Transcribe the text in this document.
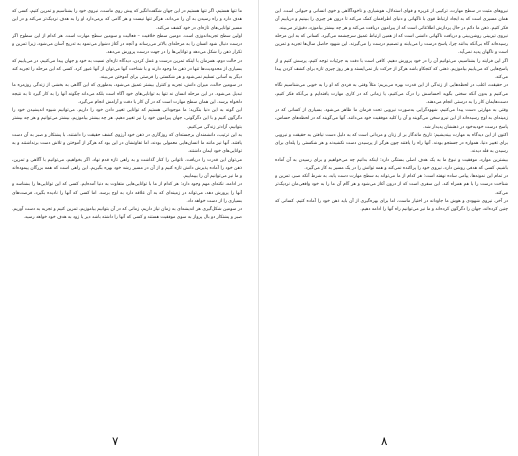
ما تنها هستیم، اگر تنها هستیم در این جهان شگفت‌انگیز که پیش روی ماست، نیروی خود را بشناسیم و تمرین کنیم، کسی که هدف دارد و راه رسیدن به آن را می‌داند، هرگز تنها نیست و هر گامی که برمی‌دارد او را به هدف نزدیک‌تر می‌کند و در این مسیر توانایی‌های تازه‌ای در خود کشف می‌کند.

اولین سطح تجربه‌اندوزی است. دومین سطح خلاقیت – فعالیت و سومین سطح مهارت است. هر کدام از این سطوح اگر درست دنبال شود انسان را به مرحله‌ای بالاتر می‌رساند و آنچه در آغاز دشوار می‌نمود به تدریج آسان می‌شود، زیرا تمرین و تکرار ذهن را شکل می‌دهد و توانایی‌ها را در جهت درست پرورش می‌دهد.

در حالت دوم، همزمان با اینکه تمرین درست و عمل کردن، دیدگاه تازه‌ای نسبت به خود و جهان پیدا می‌کنیم، در می‌یابیم که بسیاری از محدودیت‌ها تنها در ذهن ما وجود دارند و با شناخت آنها می‌توان از آنها عبور کرد. کسی که این مرحله را تجربه کند دیگر به آسانی تسلیم نمی‌شود و هر شکستی را فرصتی برای آموختن می‌بیند.

در سومین حالت، میزان دانش، تجربه و کنترل بیشتر عمیق می‌شود، به‌طوری که این آگاهی به بخشی از زندگی روزمره ما تبدیل می‌شود. در این مرحله انسان نه تنها به توانایی‌های خود آگاه است بلکه می‌داند چگونه آنها را به کار گیرد تا به نتیجه دلخواه برسد. این همان سطح مهارت است که در آن کار با دقت و آرامش انجام می‌گیرد.

این گونه به این دنیا بنگرید: ما موجوداتی هستیم که توانایی تغییر دادن خود را داریم. می‌توانیم شیوه اندیشیدن خود را دگرگون کنیم و با این دگرگونی، جهان پیرامون خود را نیز تغییر دهیم. هر چه بیشتر بیاموزیم، بیشتر می‌توانیم و هر چه بیشتر بتوانیم، آزادتر زندگی می‌کنیم.

به این ترتیب، دانشمندان برجسته‌ای که روزگاری در ذهن خود آرزوی کشف حقیقت را داشتند، با پشتکار و صبر به آن دست یافتند. آنها نیز مانند ما انسان‌هایی معمولی بودند، اما تفاوتشان در این بود که هرگز از آموختن و تلاش دست برنداشتند و به توانایی‌های خود ایمان داشتند.

می‌توان این قدرت را دریافت، ناتوانی را کنار گذاشت و به راهی تازه قدم نهاد. اگر بخواهیم، می‌توانیم با آگاهی و تمرین، ذهن خود را آماده پذیرش دانش تازه کنیم و از آن در مسیر رشد خود بهره بگیریم. این راهی است که همه بزرگان پیموده‌اند و ما نیز می‌توانیم آن را بپیماییم.

در ادامه، نکته‌ای مهم وجود دارد: هر کدام از ما با توانایی‌هایی متفاوت به دنیا آمده‌ایم. کسی که این توانایی‌ها را بشناسد و آنها را پرورش دهد، می‌تواند در زمینه‌ای که به آن علاقه دارد به اوج برسد. اما کسی که آنها را نادیده بگیرد، فرصت‌های بسیاری را از دست خواهد داد.

در سومین شکل‌گیری هر اندیشه‌ای به زمان نیاز داریم، زمانی که در آن بتوانیم بیاموزیم، تمرین کنیم و تجربه به دست آوریم. صبر و پشتکار دو بال پرواز به سوی موفقیت هستند و کسی که آنها را داشته باشد دیر یا زود به هدف خود خواهد رسید.

۷

نیروهای مثبت در سطح مهارت، ترکیبی از غریزه و قوای استدلال، هوشیاری و ناخودآگاهی و خوی انسانی و حیوانی است. این همان مسیری است که به ایجاد ارتباط قوی با ناگهانی و دنیای اطرافمان کمک می‌کند تا درون هر چیزی را ببینیم و دریابیم آن فکر کنیم. ذهن ما دائم در حال پردازش اطلاعاتی است که از پیرامون دریافت می‌کند و هر چه بیشتر بیاموزد، دقیق‌تر می‌بیند.

نیروی تیزبینی روشن‌بینی و دریافت ناگهانی دانشی است که از همین ارتباط عمیق سرچشمه می‌گیرد. کسانی که به این مرحله رسیده‌اند گاه بی‌آنکه بدانند چرا، پاسخ درست را می‌یابند و تصمیم درست را می‌گیرند. این شهود حاصل سال‌ها تجربه و تمرین است و ناگهان پدید نمی‌آید.

اگر این فرایند را بشناسیم، می‌توانیم آن را در خود پرورش دهیم. کافی است با دقت به جزئیات توجه کنیم، پرسش کنیم و از پاسخ‌هایی که می‌یابیم بیاموزیم. ذهنی که کنجکاو باشد هرگز از حرکت باز نمی‌ایستد و هر روز چیزی تازه برای کشف کردن پیدا می‌کند.

در حقیقت، اغلب در لحظه‌هایی از زندگی از این قدرت بهره می‌بریم: مثلاً وقتی به فردی که او را به خوبی می‌شناسیم نگاه می‌کنیم و بدون آنکه سخنی بگوید احساسش را درک می‌کنیم، یا زمانی که در کاری مهارت یافته‌ایم و بی‌آنکه فکر کنیم، دست‌هایمان کار را به درستی انجام می‌دهند.

وقتی به مهارتی دست پیدا می‌کنیم، شهودگرایی به‌صورت نیرویی تحت فرمان ما ظاهر می‌شود. بسیاری از کسانی که در زمینه‌ای به اوج رسیده‌اند از این نیرو سخن می‌گویند و آن را کلید موفقیت خود می‌دانند. آنها می‌گویند که در لحظه‌های حساس، پاسخ درست خودبه‌خود در ذهنشان پدیدار شد.

اکنون از این دیدگاه به مهارت بیندیشیم: تاریخ ماندگار بر از زنان و مردانی است که به دلیل دست نیافتن به حقیقت و نیرویی برای تغییر دنیا، همواره در جستجو بودند. آنها راه را یافتند چون هرگز از پرسیدن دست نکشیدند و هر شکستی را پله‌ای برای رسیدن به قله دیدند.

بیشترین موارد، موفقیت و نبوغ ما به یک هدف اصلی بستگی دارد: اینکه بدانیم چه می‌خواهیم و برای رسیدن به آن آماده باشیم. کسی که هدفی روشن دارد، نیروی خود را پراکنده نمی‌کند و همه توانش را در یک مسیر به کار می‌گیرد.

در تمام این نمونه‌ها، پیامی ساده نهفته است: هر کدام از ما می‌تواند به سطح مهارت دست یابد، به شرط آنکه صبر، تمرین و شناخت درست را با هم همراه کند. این سفری است که از درون آغاز می‌شود و هر گام آن ما را به خود واقعی‌مان نزدیک‌تر می‌کند.

در آخر، نیروی شهودی و هوش ما جاودانه در اختیار ماست، اما برای بهره‌گیری از آن باید ذهن خود را آماده کنیم. کسانی که چنین کرده‌اند، جهان را دگرگون کرده‌اند و ما نیز می‌توانیم راه آنها را ادامه دهیم.

۸
